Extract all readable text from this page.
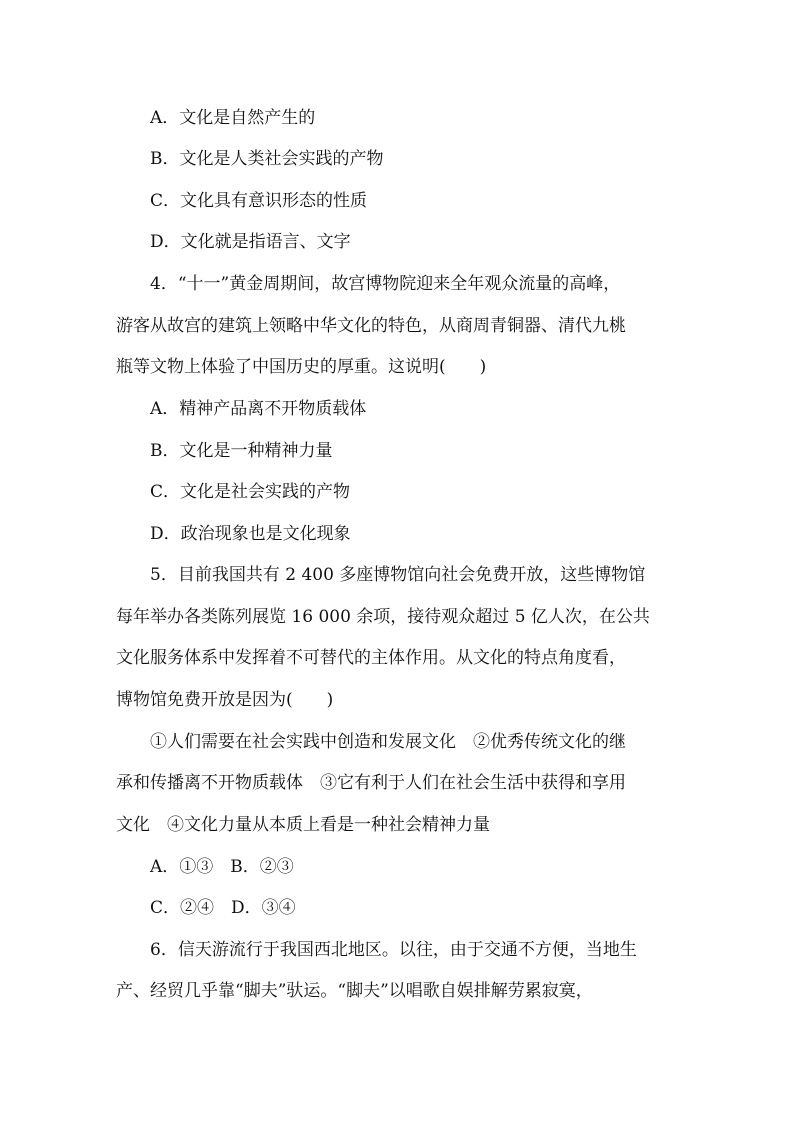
A．文化是自然产生的
B．文化是人类社会实践的产物
C．文化具有意识形态的性质
D．文化就是指语言、文字
4．“十一”黄金周期间，故宫博物院迎来全年观众流量的高峰，
游客从故宫的建筑上领略中华文化的特色，从商周青铜器、清代九桃
瓶等文物上体验了中国历史的厚重。这说明(　　)
A．精神产品离不开物质载体
B．文化是一种精神力量
C．文化是社会实践的产物
D．政治现象也是文化现象
5．目前我国共有 2 400 多座博物馆向社会免费开放，这些博物馆
每年举办各类陈列展览 16 000 余项，接待观众超过 5 亿人次，在公共
文化服务体系中发挥着不可替代的主体作用。从文化的特点角度看，
博物馆免费开放是因为(　　)
①人们需要在社会实践中创造和发展文化　②优秀传统文化的继
承和传播离不开物质载体　③它有利于人们在社会生活中获得和享用
文化　④文化力量从本质上看是一种社会精神力量
A．①③　B．②③
C．②④　D．③④
6．信天游流行于我国西北地区。以往，由于交通不方便，当地生
产、经贸几乎靠“脚夫”驮运。“脚夫”以唱歌自娱排解劳累寂寞，
